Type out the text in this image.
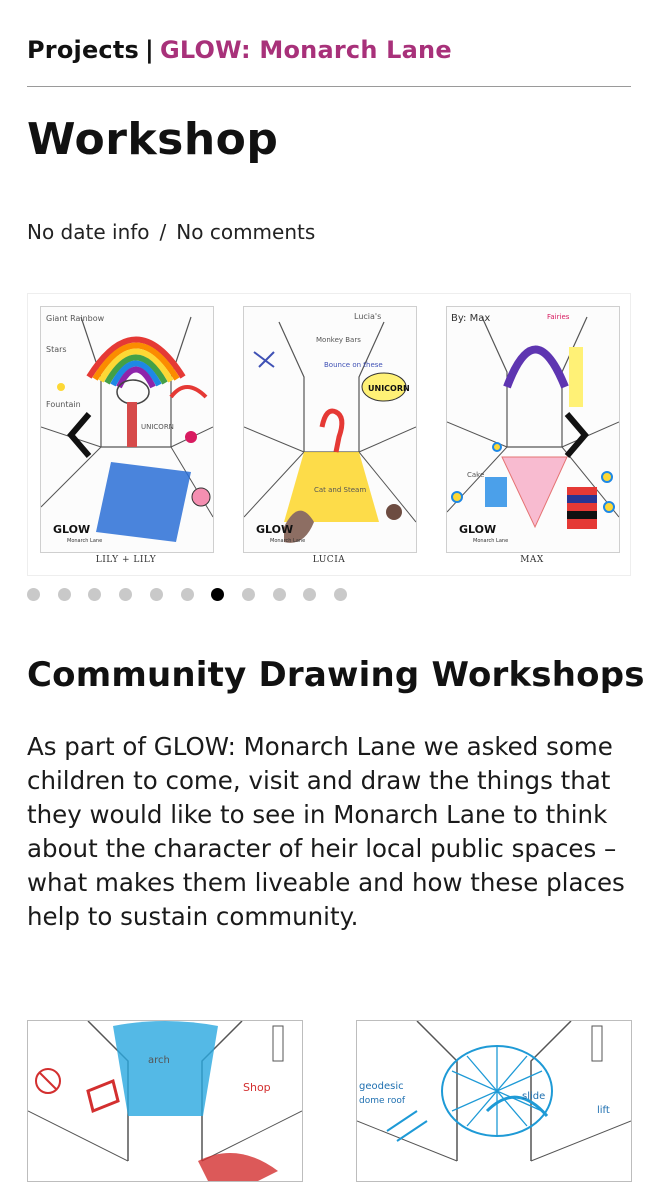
Projects | GLOW: Monarch Lane
Workshop
No date info / No comments
Giant Rainbow
Stars
Fountain
UNICORN
GLOW
Monarch Lane
LILY + LILY
Lucia's
Monkey Bars
Bounce on these
UNICORN
Cat and Steam
GLOW
Monarch Lane
LUCIA
By: Max	Fairies
Cake
GLOW
Monarch Lane
MAX
Community Drawing Workshops

As part of GLOW: Monarch Lane we asked some children to come, visit and draw the things that they would like to see in Monarch Lane to think about the character of heir local public spaces – what makes them liveable and how these places help to sustain community.

arch
Shop	geodesic
dome roof	slide
lift
